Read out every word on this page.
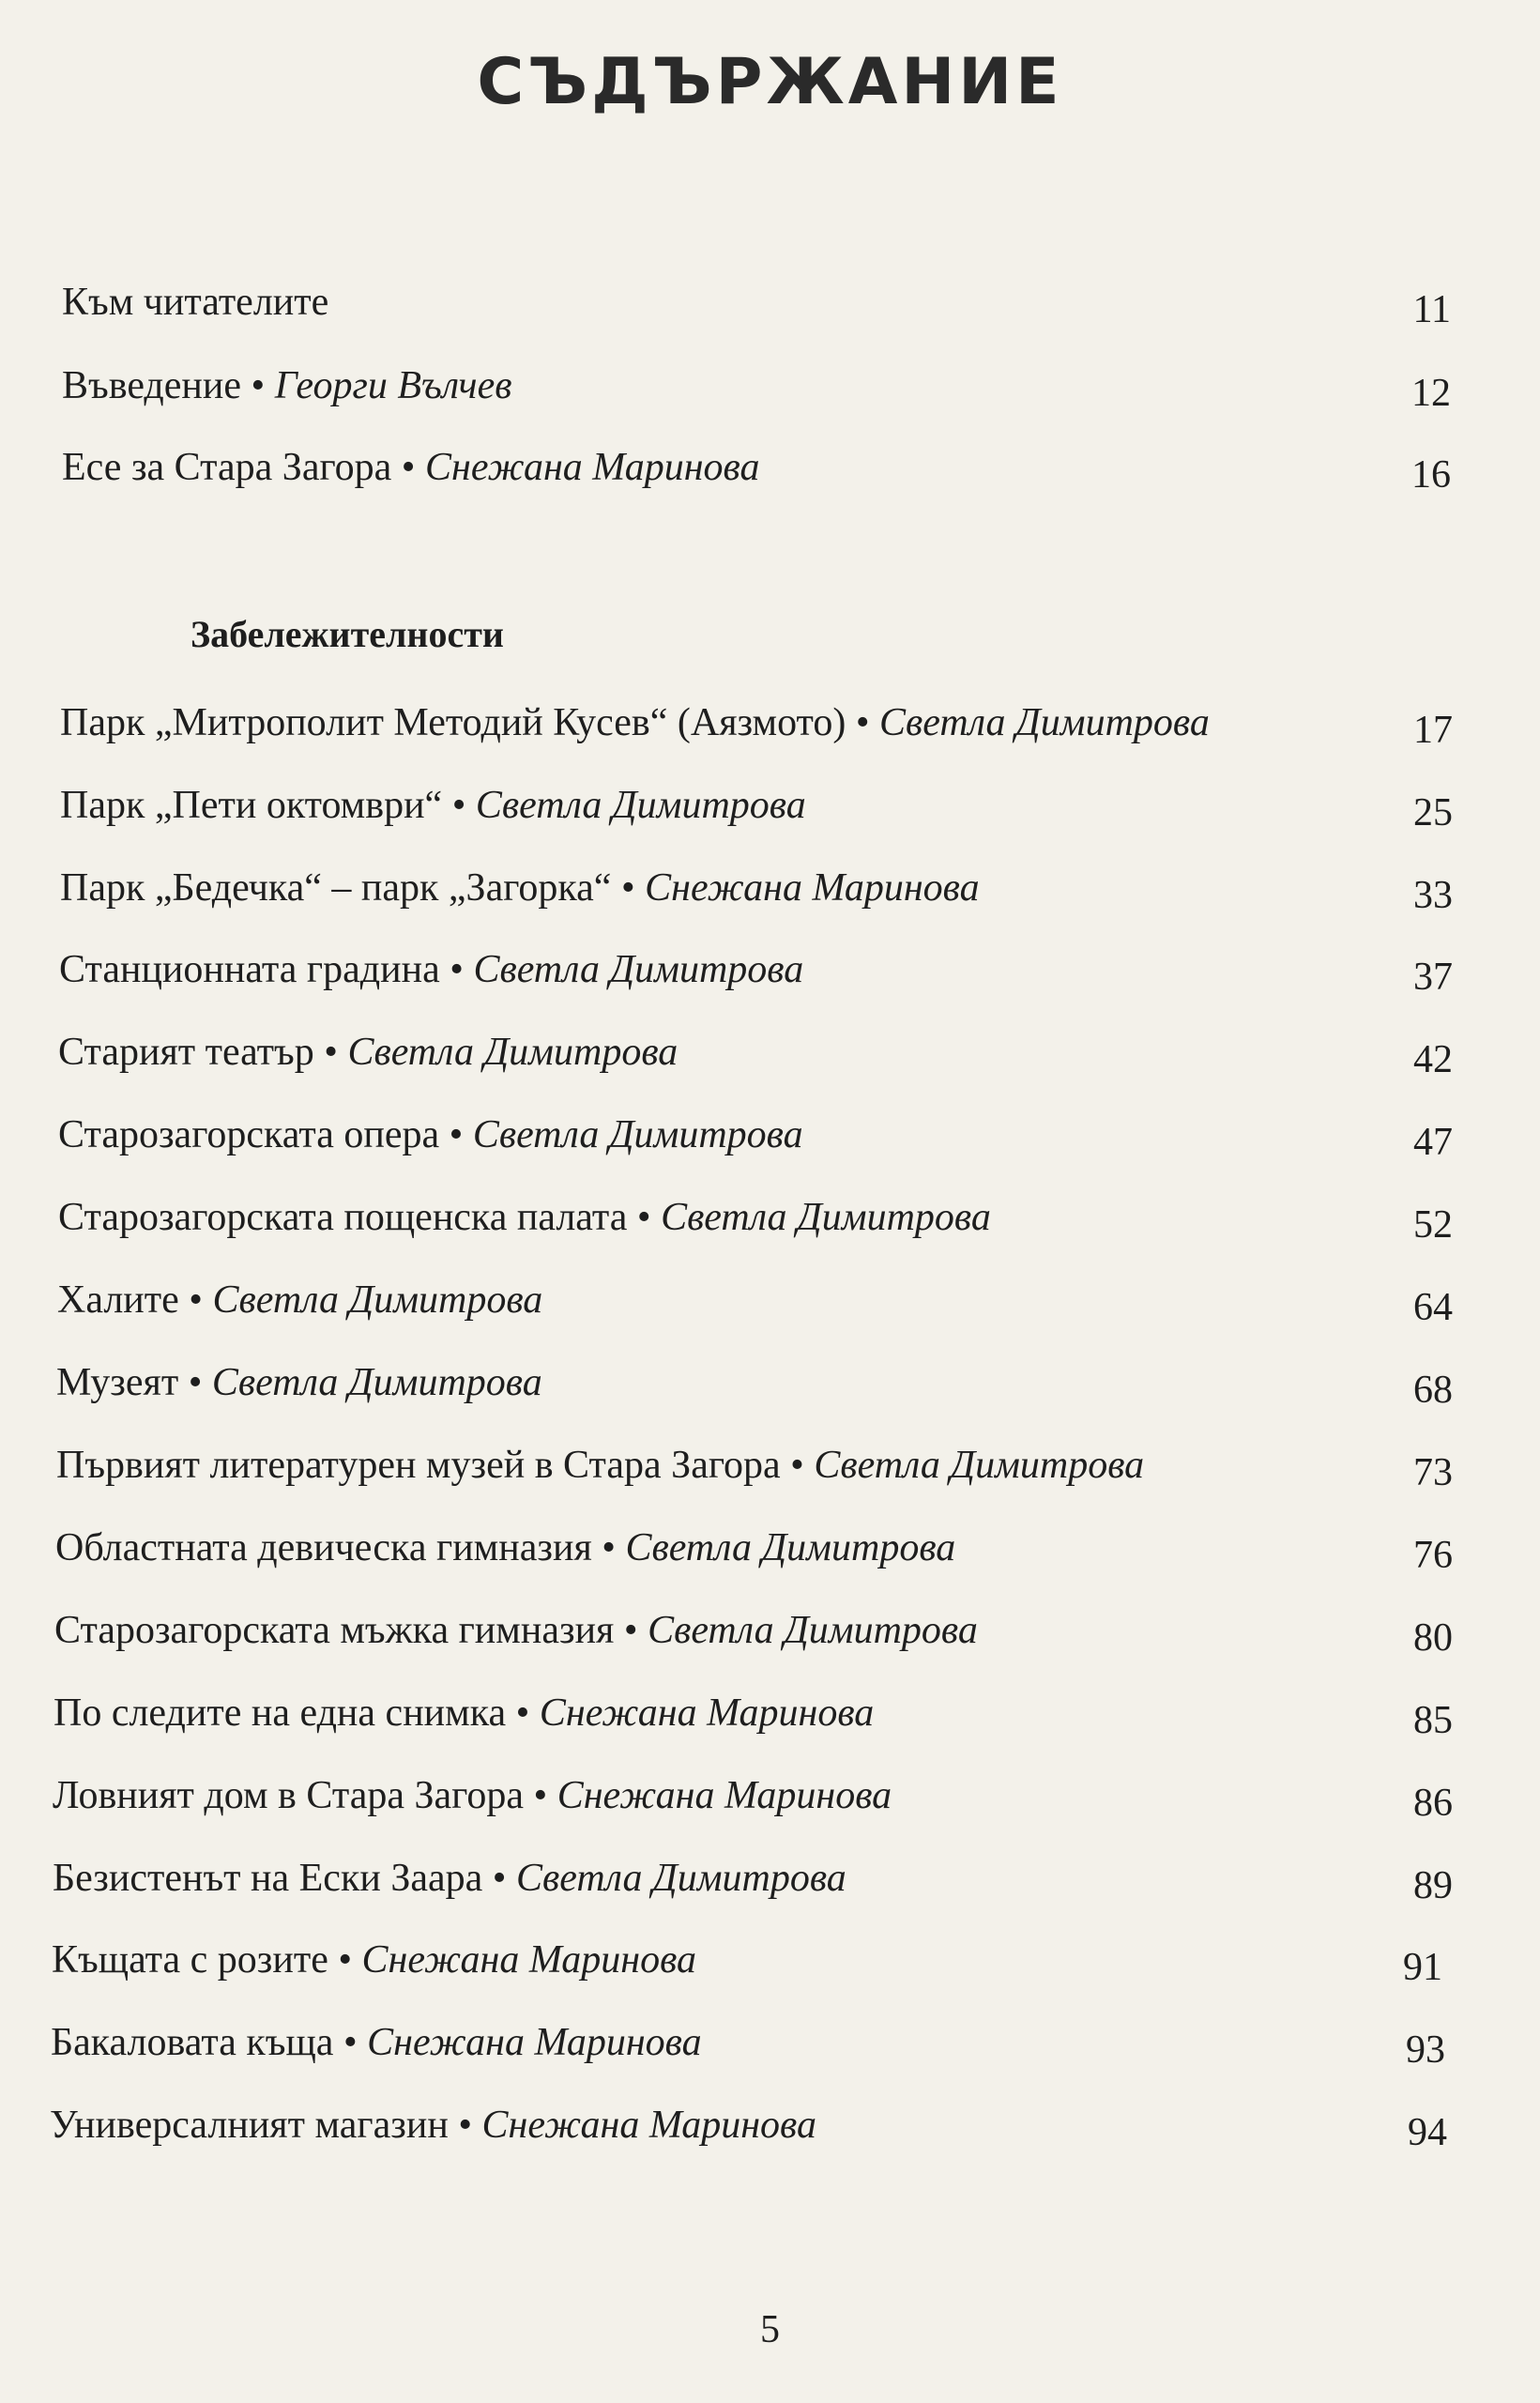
СЪДЪРЖАНИЕ
Към читателите	11
Въведение • Георги Вълчев	12
Есе за Стара Загора • Снежана Маринова	16
Забележителности
Парк „Митрополит Методий Кусев“ (Аязмото) • Светла Димитрова	17
Парк „Пети октомври“ • Светла Димитрова	25
Парк „Бедечка“ – парк „Загорка“ • Снежана Маринова	33
Станционната градина • Светла Димитрова	37
Старият театър • Светла Димитрова	42
Старозагорската опера • Светла Димитрова	47
Старозагорската пощенска палата • Светла Димитрова	52
Халите • Светла Димитрова	64
Музеят • Светла Димитрова	68
Първият литературен музей в Стара Загора • Светла Димитрова	73
Областната девическа гимназия • Светла Димитрова	76
Старозагорската мъжка гимназия • Светла Димитрова	80
По следите на една снимка • Снежана Маринова	85
Ловният дом в Стара Загора • Снежана Маринова	86
Безистенът на Ески Заара • Светла Димитрова	89
Къщата с розите • Снежана Маринова	91
Бакаловата къща • Снежана Маринова	93
Универсалният магазин • Снежана Маринова	94
5
